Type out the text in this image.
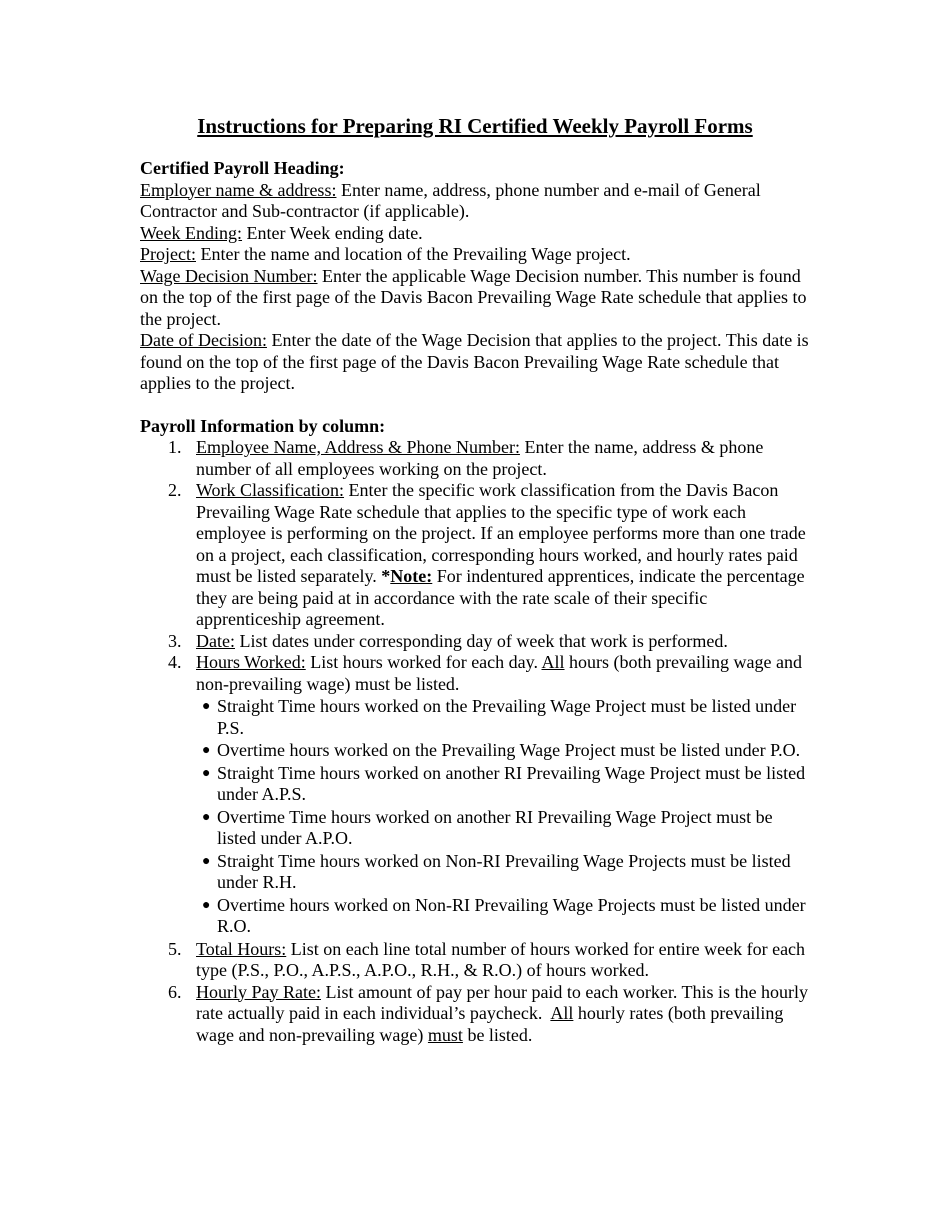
Instructions for Preparing RI Certified Weekly Payroll Forms
Certified Payroll Heading:

Employer name & address: Enter name, address, phone number and e-mail of General Contractor and Sub-contractor (if applicable).

Week Ending: Enter Week ending date.

Project: Enter the name and location of the Prevailing Wage project.

Wage Decision Number: Enter the applicable Wage Decision number. This number is found on the top of the first page of the Davis Bacon Prevailing Wage Rate schedule that applies to the project.

Date of Decision: Enter the date of the Wage Decision that applies to the project. This date is found on the top of the first page of the Davis Bacon Prevailing Wage Rate schedule that applies to the project.

Payroll Information by column:
1. Employee Name, Address & Phone Number: Enter the name, address & phone number of all employees working on the project.
2. Work Classification: Enter the specific work classification from the Davis Bacon Prevailing Wage Rate schedule that applies to the specific type of work each employee is performing on the project. If an employee performs more than one trade on a project, each classification, corresponding hours worked, and hourly rates paid must be listed separately. *Note: For indentured apprentices, indicate the percentage they are being paid at in accordance with the rate scale of their specific apprenticeship agreement.
3. Date: List dates under corresponding day of week that work is performed.
4. Hours Worked: List hours worked for each day. All hours (both prevailing wage and non-prevailing wage) must be listed.
● Straight Time hours worked on the Prevailing Wage Project must be listed under P.S.
● Overtime hours worked on the Prevailing Wage Project must be listed under P.O.
● Straight Time hours worked on another RI Prevailing Wage Project must be listed under A.P.S.
● Overtime Time hours worked on another RI Prevailing Wage Project must be listed under A.P.O.
● Straight Time hours worked on Non-RI Prevailing Wage Projects must be listed under R.H.
● Overtime hours worked on Non-RI Prevailing Wage Projects must be listed under R.O.
5. Total Hours: List on each line total number of hours worked for entire week for each type (P.S., P.O., A.P.S., A.P.O., R.H., & R.O.) of hours worked.
6. Hourly Pay Rate: List amount of pay per hour paid to each worker. This is the hourly rate actually paid in each individual’s paycheck.  All hourly rates (both prevailing wage and non-prevailing wage) must be listed.
